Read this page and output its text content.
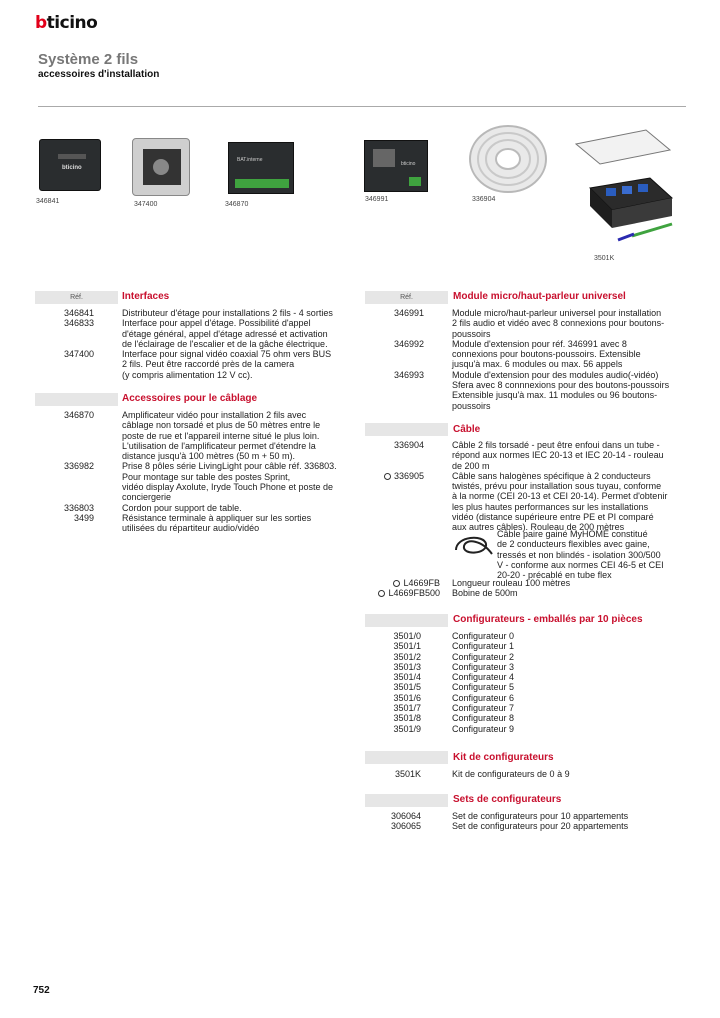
bticino
Système 2 fils
accessoires d'installation
bticino
346841	347400
BAT.interne
346870
bticino
346991	336904
3501K
Réf.	Interfaces
346841	Distributeur d'étage pour installations 2 fils - 4 sorties
346833	Interface pour appel d'étage. Possibilité d'appel
d'étage général, appel d'étage adressé et activation
de l'éclairage de l'escalier et de la gâche électrique.
347400	Interface pour signal vidéo coaxial 75 ohm vers BUS
2 fils. Peut être raccordé près de la camera
(y compris alimentation 12 V cc).
Accessoires pour le câblage
346870	Amplificateur vidéo pour installation 2 fils avec
câblage non torsadé et plus de 50 mètres entre le
poste de rue et l'appareil interne situé le plus loin.
L'utilisation de l'amplificateur permet d'étendre la
distance jusqu'à 100 mètres (50 m + 50 m).
336982	Prise 8 pôles série LivingLight pour câble réf. 336803.
Pour montage sur table des postes Sprint,
vidéo display Axolute, Iryde Touch Phone et poste de
conciergerie
336803	Cordon pour support de table.
3499	Résistance terminale à appliquer sur les sorties
utilisées du répartiteur audio/vidéo
Réf.	Module micro/haut-parleur universel
346991	Module micro/haut-parleur universel pour installation
2 fils audio et vidéo avec 8 connexions pour boutons-
poussoirs
346992	Module d'extension pour réf. 346991 avec 8
connexions pour boutons-poussoirs. Extensible
jusqu'à max. 6 modules ou max. 56 appels
346993	Module d'extension pour des modules audio(-vidéo)
Sfera avec 8 connnexions pour des boutons-poussoirs
Extensible jusqu'à max. 11 modules ou 96 boutons-
poussoirs
Câble
336904	Câble 2 fils torsadé - peut être enfoui dans un tube -
répond aux normes IEC 20-13 et IEC 20-14 - rouleau
de 200 m
336905	Câble sans halogènes spécifique à 2 conducteurs
twistés, prévu pour installation sous tuyau, conforme
à la norme (CEI 20-13 et CEI 20-14). Permet d'obtenir
les plus hautes performances sur les installations
vidéo (distance supérieure entre PE et PI comparé
aux autres câbles). Rouleau de 200 mètres
Câble paire gainé MyHOME constitué
de 2 conducteurs flexibles avec gaine,
tressés et non blindés - isolation 300/500
V - conforme aux normes CEI 46-5 et CEI
20-20 - précablé en tube flex
L4669FB Longueur rouleau 100 mètres
L4669FB500 Bobine de 500m
Configurateurs - emballés par 10 pièces
3501/0	Configurateur 0
3501/1	Configurateur 1
3501/2	Configurateur 2
3501/3	Configurateur 3
3501/4	Configurateur 4
3501/5	Configurateur 5
3501/6	Configurateur 6
3501/7	Configurateur 7
3501/8	Configurateur 8
3501/9	Configurateur 9
Kit de configurateurs
3501K	Kit de configurateurs de 0 à 9
Sets de configurateurs
306064	Set de configurateurs pour 10 appartements
306065	Set de configurateurs pour 20 appartements
752
